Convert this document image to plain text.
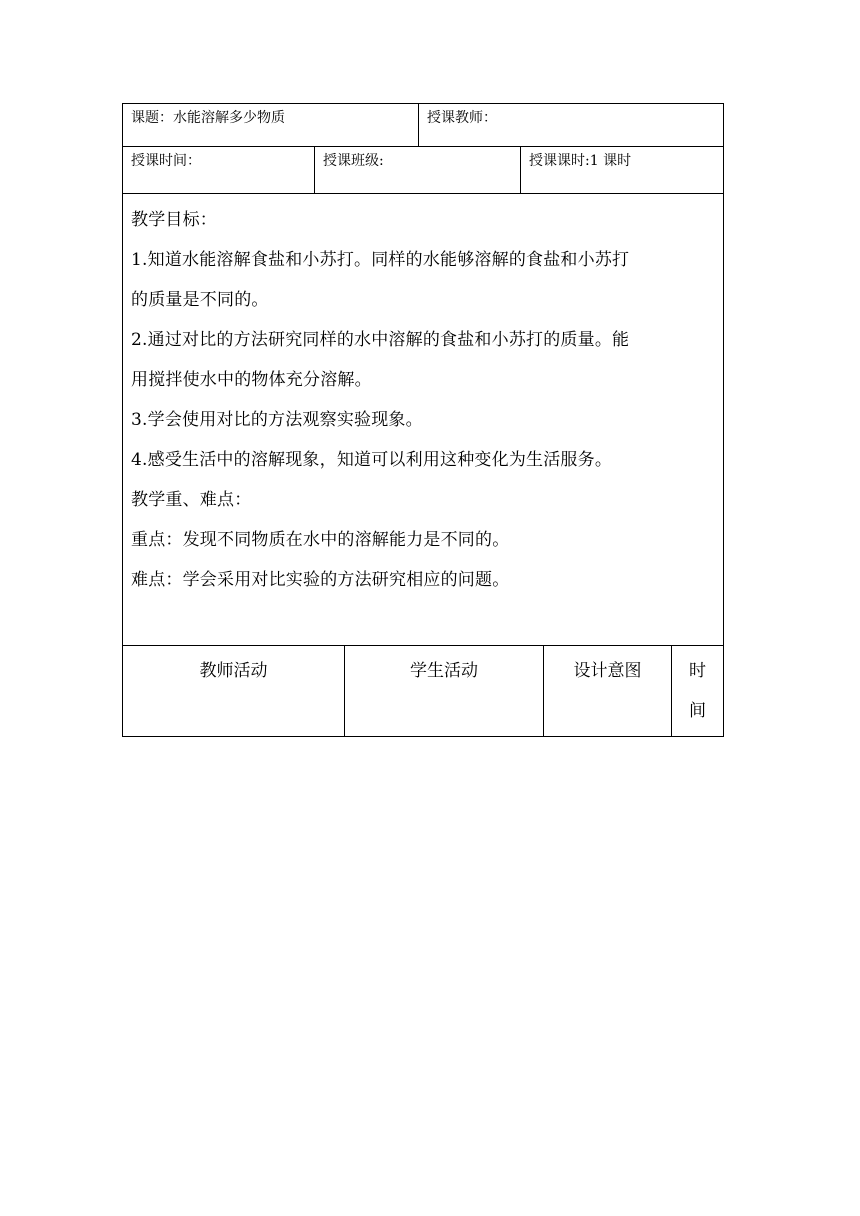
课题：水能溶解多少物质	授课教师：
授课时间：	授课班级:	授课课时:1 课时

教学目标：

1.知道水能溶解食盐和小苏打。同样的水能够溶解的食盐和小苏打

的质量是不同的。

2.通过对比的方法研究同样的水中溶解的食盐和小苏打的质量。能

用搅拌使水中的物体充分溶解。

3.学会使用对比的方法观察实验现象。

4.感受生活中的溶解现象，知道可以利用这种变化为生活服务。

教学重、难点：

重点：发现不同物质在水中的溶解能力是不同的。

难点：学会采用对比实验的方法研究相应的问题。

教师活动	学生活动	设计意图	时
间
